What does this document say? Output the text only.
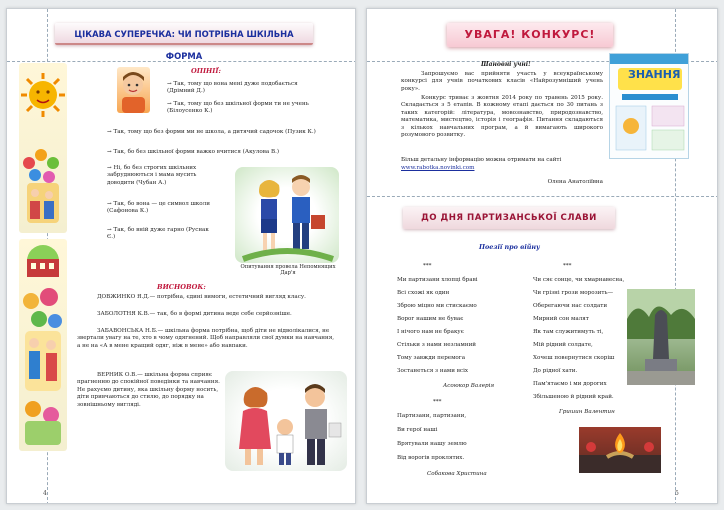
ЦІКАВА СУПЕРЕЧКА: ЧИ ПОТРІБНА ШКІЛЬНА ФОРМА
ОПІНІЇ:
→ Так, тому що вона мені дуже подобається (Дрімний Д.)
→ Так, тому що без шкільної форми ти не учень (Білоусенко К.)
→ Так, тому що без форми ми не школа, а дитячий садочок (Пузик К.)
→ Так, бо без шкільної форми важко вчитися (Акулова В.)
→ Ні, бо без строгих шкільних забруднюються і мама мусить доводити (Чубан А.)
→ Так, бо вона — це символ школи (Сафонова К.)
→ Так, бо вній дуже гарно (Руснак Є.)
Опитування провела Непомнящих Дар'я
ВИСНОВОК:
ДОВЖИНКО Я.Д.— потрібна, єдині вимоги, естетичний вигляд класу.
ЗАБОЛОТНЯ К.В.— так, бо в формі дитина веде себе серйозніше.
ЗАБАВОНСЬКА Н.Б.— шкільна форма потрібна, щоб діти не відволікалися, не звертали увагу на те, хто в чому одягнений. Щоб направляли свої думки на навчання, а не на «А в мене кращий одяг, ніж в мене» або навпаки.
ВЕРНИК О.В.— шкільна форма сприяє прагненню до спокійної поведінки та навчання. Не рахуємо дитину, яка шкільну форму носить, діти привчаються до стилю, до порядку на зовнішньому вигляді.
4
УВАГА! КОНКУРС!
Шановні учні!
Запрошуємо вас прийняти участь у всеукраїнському конкурсі для учнів початкових класів «Найрозумніший учень року».
Конкурс триває з жовтня 2014 року по травень 2015 року. Складається з 5 етапів. В кожному етапі дається по 30 питань з таких категорій: література, мовознавство, природознавство, математика, мистецтво, історія і географія. Питання складаються з кількох навчальних програм, а й вимагають широкого розумового розвитку.
Більш детальну інформацію можна отримати на сайті
www.rabotka.novinki.com
Олена Анатоліївна
ЗНАННЯ
ДО ДНЯ ПАРТИЗАНСЬКОЇ СЛАВИ
Поезії про війну
***
Ми партизани хлопці браві
Всі схожі як один
Зброю міцно ми стискаємо
Ворог нашим не буває
І нічого нам не бракує
Стільки з нами незламний
Тому завжди перемога
Зостанеться з нами всіх
Асоюкор Валерія
***
Партизани, партизани,
Ви герої наші
Врятували нашу землю
Від ворогів проклятих.
Собакова Христина
***
Чи сяє сонце, чи хмарнавесна,
Чи грізні грози морозить—
Оберегаючи нас солдати
Мирний сон малят
Як там служитимуть ті,
Мій рідний солдате,
Хочеш повернутися скоріш
До рідної хати.
Пам'ятаємо і ми дорогих
Збільшеною й рідний край.
Гришин Валентин
5
